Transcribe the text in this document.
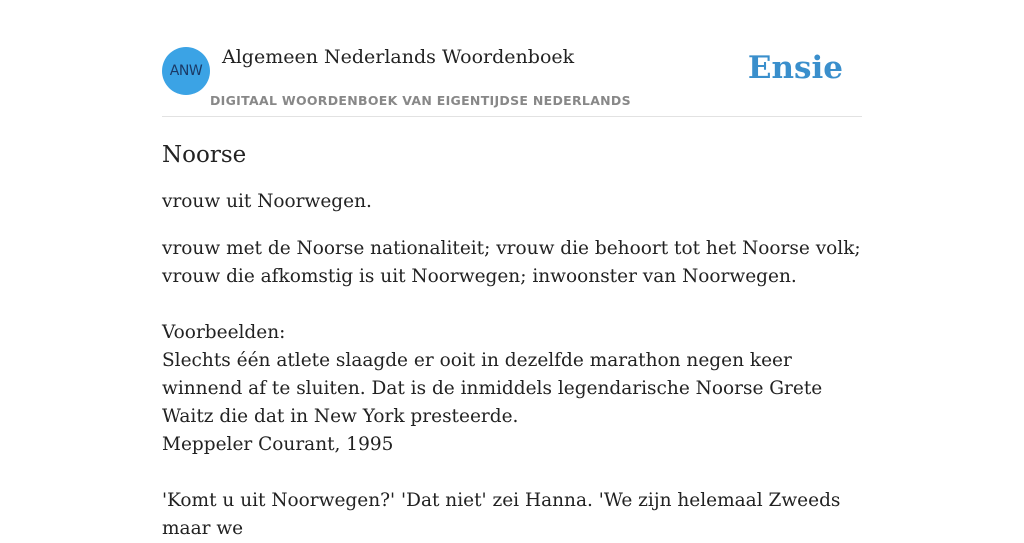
ANW
Algemeen Nederlands Woordenboek
DIGITAAL WOORDENBOEK VAN EIGENTIJDSE NEDERLANDS
Ensie
Noorse

vrouw uit Noorwegen.

vrouw met de Noorse nationaliteit; vrouw die behoort tot het Noorse volk; vrouw die afkomstig is uit Noorwegen; inwoonster van Noorwegen.

Voorbeelden:

Slechts één atlete slaagde er ooit in dezelfde marathon negen keer winnend af te sluiten. Dat is de inmiddels legendarische Noorse Grete Waitz die dat in New York presteerde.

Meppeler Courant, 1995

'Komt u uit Noorwegen?' 'Dat niet' zei Hanna. 'We zijn helemaal Zweeds maar we
